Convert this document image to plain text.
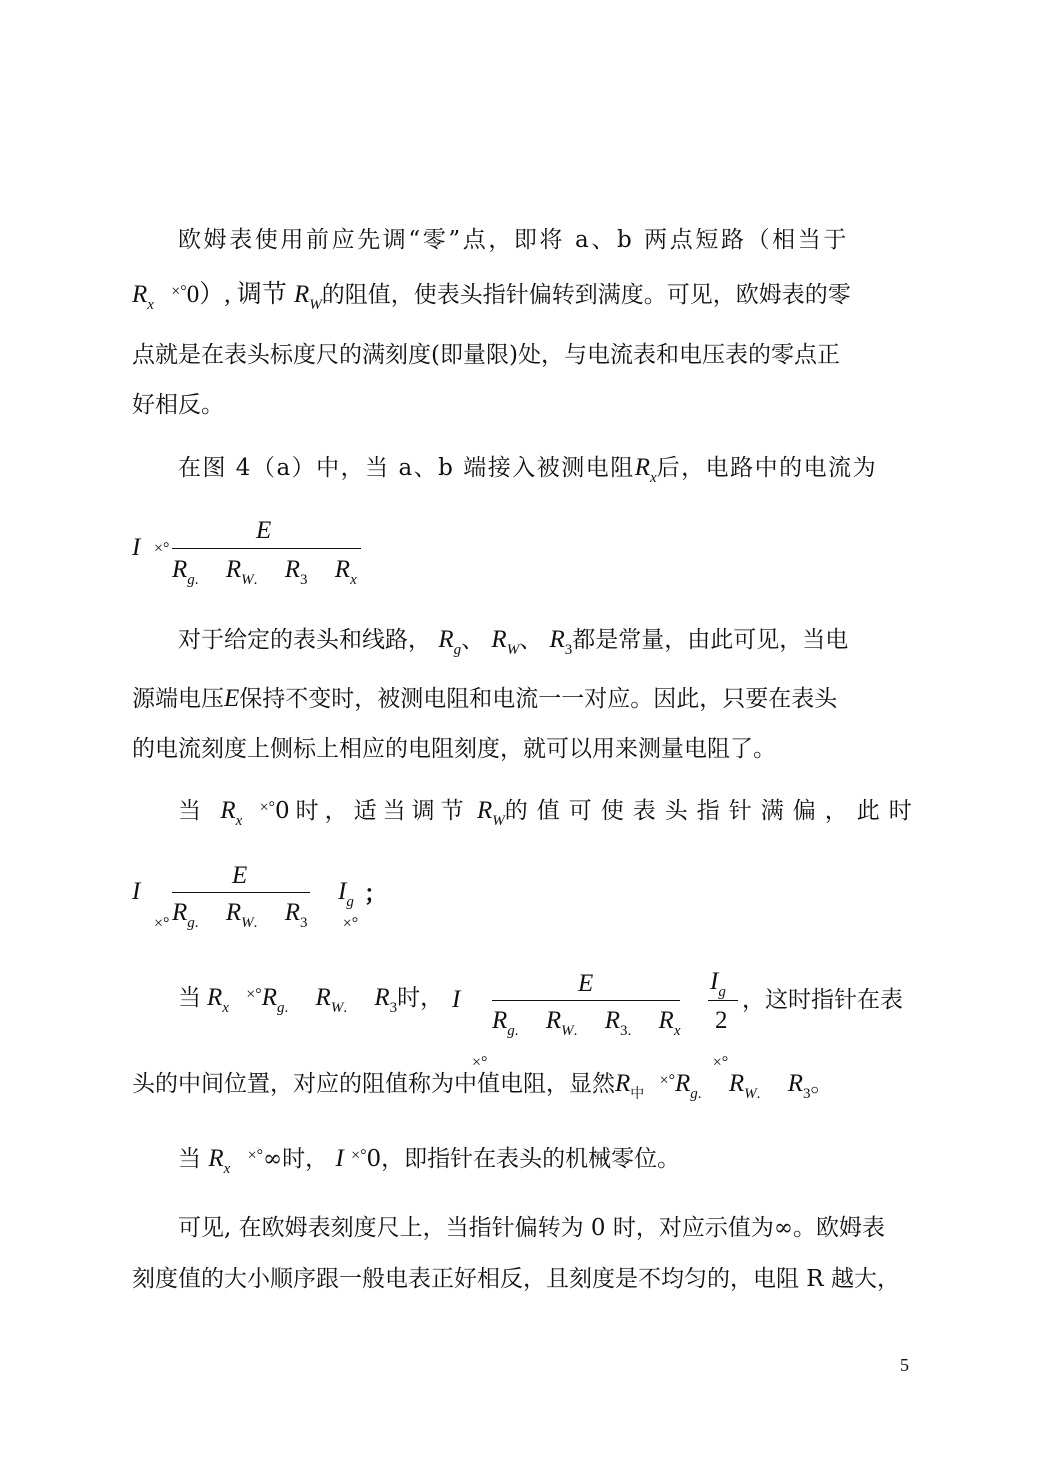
欧姆表使用前应先调“零”点，即将 a、b 两点短路（相当于
$R_x$ ×°0）, 调节 $R_W$的阻值，使表头指针偏转到满度。可见，欧姆表的零
点就是在表头标度尺的满刻度(即量限)处，与电流表和电压表的零点正
好相反。
在图 4（a）中，当 a、b 端接入被测电阻$R_x$后，电路中的电流为
I $_{\times^\circ}$
E
$R_{g.}$ $R_{W.}$ $R_3$ $R_x$
对于给定的表头和线路， $R_g$、 $R_W$、 $R_3$都是常量，由此可见，当电
源端电压E保持不变时，被测电阻和电流一一对应。因此，只要在表头
的电流刻度上侧标上相应的电阻刻度，就可以用来测量电阻了。
当 $R_x$ ×°0时，适当调节 $R_W$的值可使表头指针满偏，此时
I
$_{\times^\circ}$
E
$R_{g.}$ $R_{W.}$ $R_3$ $_{\times^\circ}$
$I_g$ ；
当 $R_x$ $^{\times^\circ}R_{g.}$ $R_{W.}$ $R_3$时， I
$_{\times^\circ}$
E
$R_{g.}$ $R_{W.}$ $R_{3.}$ $R_x$
$_{\times^\circ}$
$I_g$
2
，这时指针在表
头的中间位置，对应的阻值称为中值电阻，显然$R_中$ $^{\times^\circ}R_{g.}$ $R_{W.}$ $R_3$。
当 $R_x$ ×°∞时， I ×°0，即指针在表头的机械零位。
可见, 在欧姆表刻度尺上，当指针偏转为 0 时，对应示值为∞。欧姆表
刻度值的大小顺序跟一般电表正好相反，且刻度是不均匀的，电阻 R 越大，
5
